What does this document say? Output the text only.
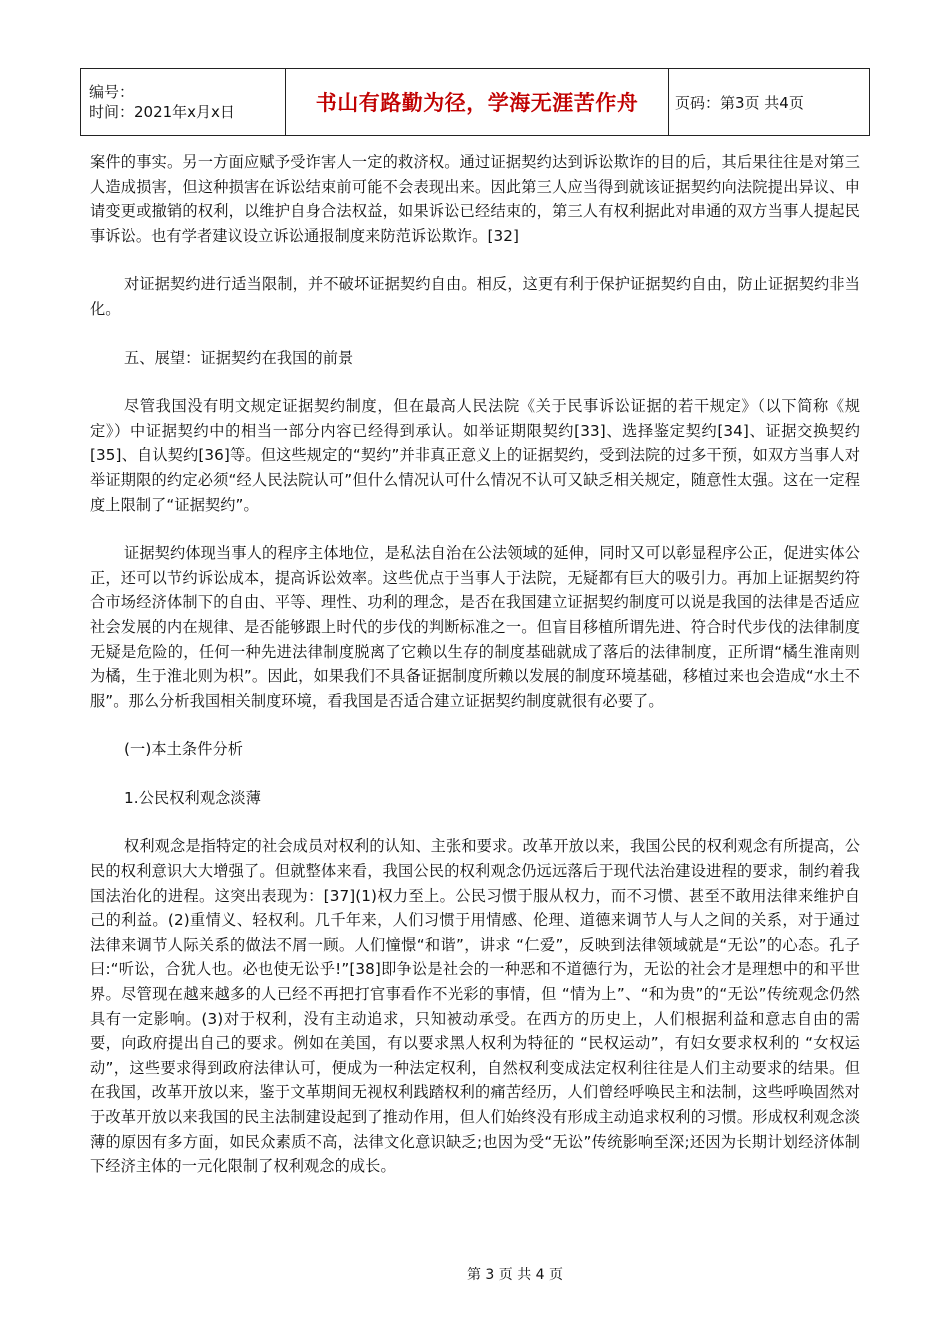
编号：
时间：2021年x月x日	书山有路勤为径，学海无涯苦作舟	页码：第3页 共4页

案件的事实。另一方面应赋予受诈害人一定的救济权。通过证据契约达到诉讼欺诈的目的后，其后果往往是对第三人造成损害，但这种损害在诉讼结束前可能不会表现出来。因此第三人应当得到就该证据契约向法院提出异议、申请变更或撤销的权利，以维护自身合法权益，如果诉讼已经结束的，第三人有权利据此对串通的双方当事人提起民事诉讼。也有学者建议设立诉讼通报制度来防范诉讼欺诈。[32]

对证据契约进行适当限制，并不破坏证据契约自由。相反，这更有利于保护证据契约自由，防止证据契约非当化。

五、展望：证据契约在我国的前景

尽管我国没有明文规定证据契约制度，但在最高人民法院《关于民事诉讼证据的若干规定》（以下简称《规定》）中证据契约中的相当一部分内容已经得到承认。如举证期限契约[33]、选择鉴定契约[34]、证据交换契约[35]、自认契约[36]等。但这些规定的“契约”并非真正意义上的证据契约，受到法院的过多干预，如双方当事人对举证期限的约定必须“经人民法院认可”但什么情况认可什么情况不认可又缺乏相关规定，随意性太强。这在一定程度上限制了“证据契约”。

证据契约体现当事人的程序主体地位，是私法自治在公法领域的延伸，同时又可以彰显程序公正，促进实体公正，还可以节约诉讼成本，提高诉讼效率。这些优点于当事人于法院，无疑都有巨大的吸引力。再加上证据契约符合市场经济体制下的自由、平等、理性、功利的理念，是否在我国建立证据契约制度可以说是我国的法律是否适应社会发展的内在规律、是否能够跟上时代的步伐的判断标准之一。但盲目移植所谓先进、符合时代步伐的法律制度无疑是危险的，任何一种先进法律制度脱离了它赖以生存的制度基础就成了落后的法律制度，正所谓“橘生淮南则为橘，生于淮北则为枳”。因此，如果我们不具备证据制度所赖以发展的制度环境基础，移植过来也会造成“水土不服”。那么分析我国相关制度环境，看我国是否适合建立证据契约制度就很有必要了。

(一)本土条件分析

1.公民权利观念淡薄

权利观念是指特定的社会成员对权利的认知、主张和要求。改革开放以来，我国公民的权利观念有所提高，公民的权利意识大大增强了。但就整体来看，我国公民的权利观念仍远远落后于现代法治建设进程的要求，制约着我国法治化的进程。这突出表现为：[37](1)权力至上。公民习惯于服从权力，而不习惯、甚至不敢用法律来维护自己的利益。(2)重情义、轻权利。几千年来，人们习惯于用情感、伦理、道德来调节人与人之间的关系，对于通过法律来调节人际关系的做法不屑一顾。人们憧憬“和谐”，讲求 “仁爱”，反映到法律领域就是“无讼”的心态。孔子曰:“听讼，合犹人也。必也使无讼乎!”[38]即争讼是社会的一种恶和不道德行为，无讼的社会才是理想中的和平世界。尽管现在越来越多的人已经不再把打官事看作不光彩的事情，但 “情为上”、“和为贵”的“无讼”传统观念仍然具有一定影响。(3)对于权利，没有主动追求，只知被动承受。在西方的历史上，人们根据利益和意志自由的需要，向政府提出自己的要求。例如在美国，有以要求黑人权利为特征的 “民权运动”，有妇女要求权利的 “女权运动”，这些要求得到政府法律认可，便成为一种法定权利，自然权利变成法定权利往往是人们主动要求的结果。但在我国，改革开放以来，鉴于文革期间无视权利践踏权利的痛苦经历，人们曾经呼唤民主和法制，这些呼唤固然对于改革开放以来我国的民主法制建设起到了推动作用，但人们始终没有形成主动追求权利的习惯。形成权利观念淡薄的原因有多方面，如民众素质不高，法律文化意识缺乏;也因为受“无讼”传统影响至深;还因为长期计划经济体制下经济主体的一元化限制了权利观念的成长。

第 3 页 共 4 页
